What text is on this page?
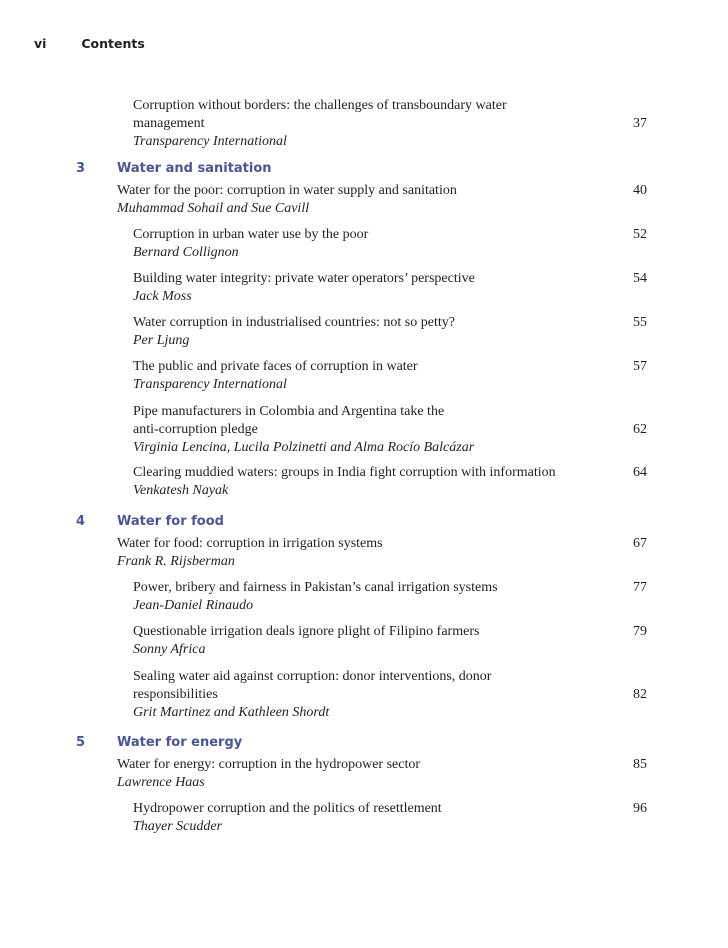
vi	Contents
Corruption without borders: the challenges of transboundary water
management
Transparency International
37
3 Water and sanitation
Water for the poor: corruption in water supply and sanitation
Muhammad Sohail and Sue Cavill
40
Corruption in urban water use by the poor
Bernard Collignon
52
Building water integrity: private water operators’ perspective
Jack Moss
54
Water corruption in industrialised countries: not so petty?
Per Ljung
55
The public and private faces of corruption in water
Transparency International
57
Pipe manufacturers in Colombia and Argentina take the
anti-corruption pledge
Virginia Lencina, Lucila Polzinetti and Alma Rocío Balcázar
62
Clearing muddied waters: groups in India fight corruption with information
Venkatesh Nayak
64
4 Water for food
Water for food: corruption in irrigation systems
Frank R. Rijsberman
67
Power, bribery and fairness in Pakistan’s canal irrigation systems
Jean-Daniel Rinaudo
77
Questionable irrigation deals ignore plight of Filipino farmers
Sonny Africa
79
Sealing water aid against corruption: donor interventions, donor
responsibilities
Grit Martinez and Kathleen Shordt
82
5 Water for energy
Water for energy: corruption in the hydropower sector
Lawrence Haas
85
Hydropower corruption and the politics of resettlement
Thayer Scudder
96
